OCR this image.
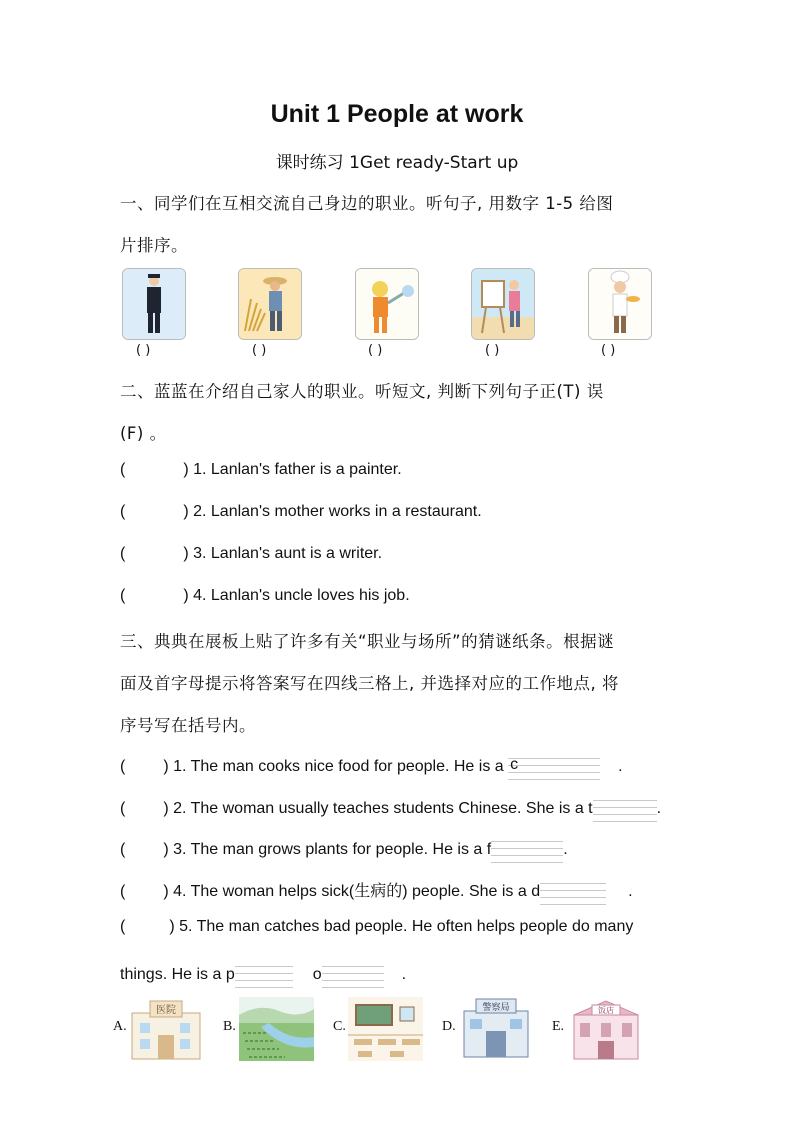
Unit 1 People at work
课时练习 1Get ready-Start up
一、同学们在互相交流自己身边的职业。听句子, 用数字 1-5 给图
片排序。
( )	( )	( )	( )	( )
二、蓝蓝在介绍自己家人的职业。听短文, 判断下列句子正(T) 误
(F) 。
(	) 1. Lanlan's father is a painter.
(	) 2. Lanlan's mother works in a restaurant.
(	) 3. Lanlan's aunt is a writer.
(	) 4. Lanlan's uncle loves his job.
三、典典在展板上贴了许多有关“职业与场所”的猜谜纸条。根据谜
面及首字母提示将答案写在四线三格上, 并选择对应的工作地点, 将
序号写在括号内。
( ) 1. The man cooks nice food for people. He is a c	.
( ) 2. The woman usually teaches students Chinese. She is a t	.
( ) 3. The man grows plants for people. He is a f	.
( ) 4. The woman helps sick(生病的) people. She is a d	.
(	) 5. The man catches bad people. He often helps people do many
things. He is a p	o	.
A.
医院
B.	C.	D.
警察局
E.
饭店
